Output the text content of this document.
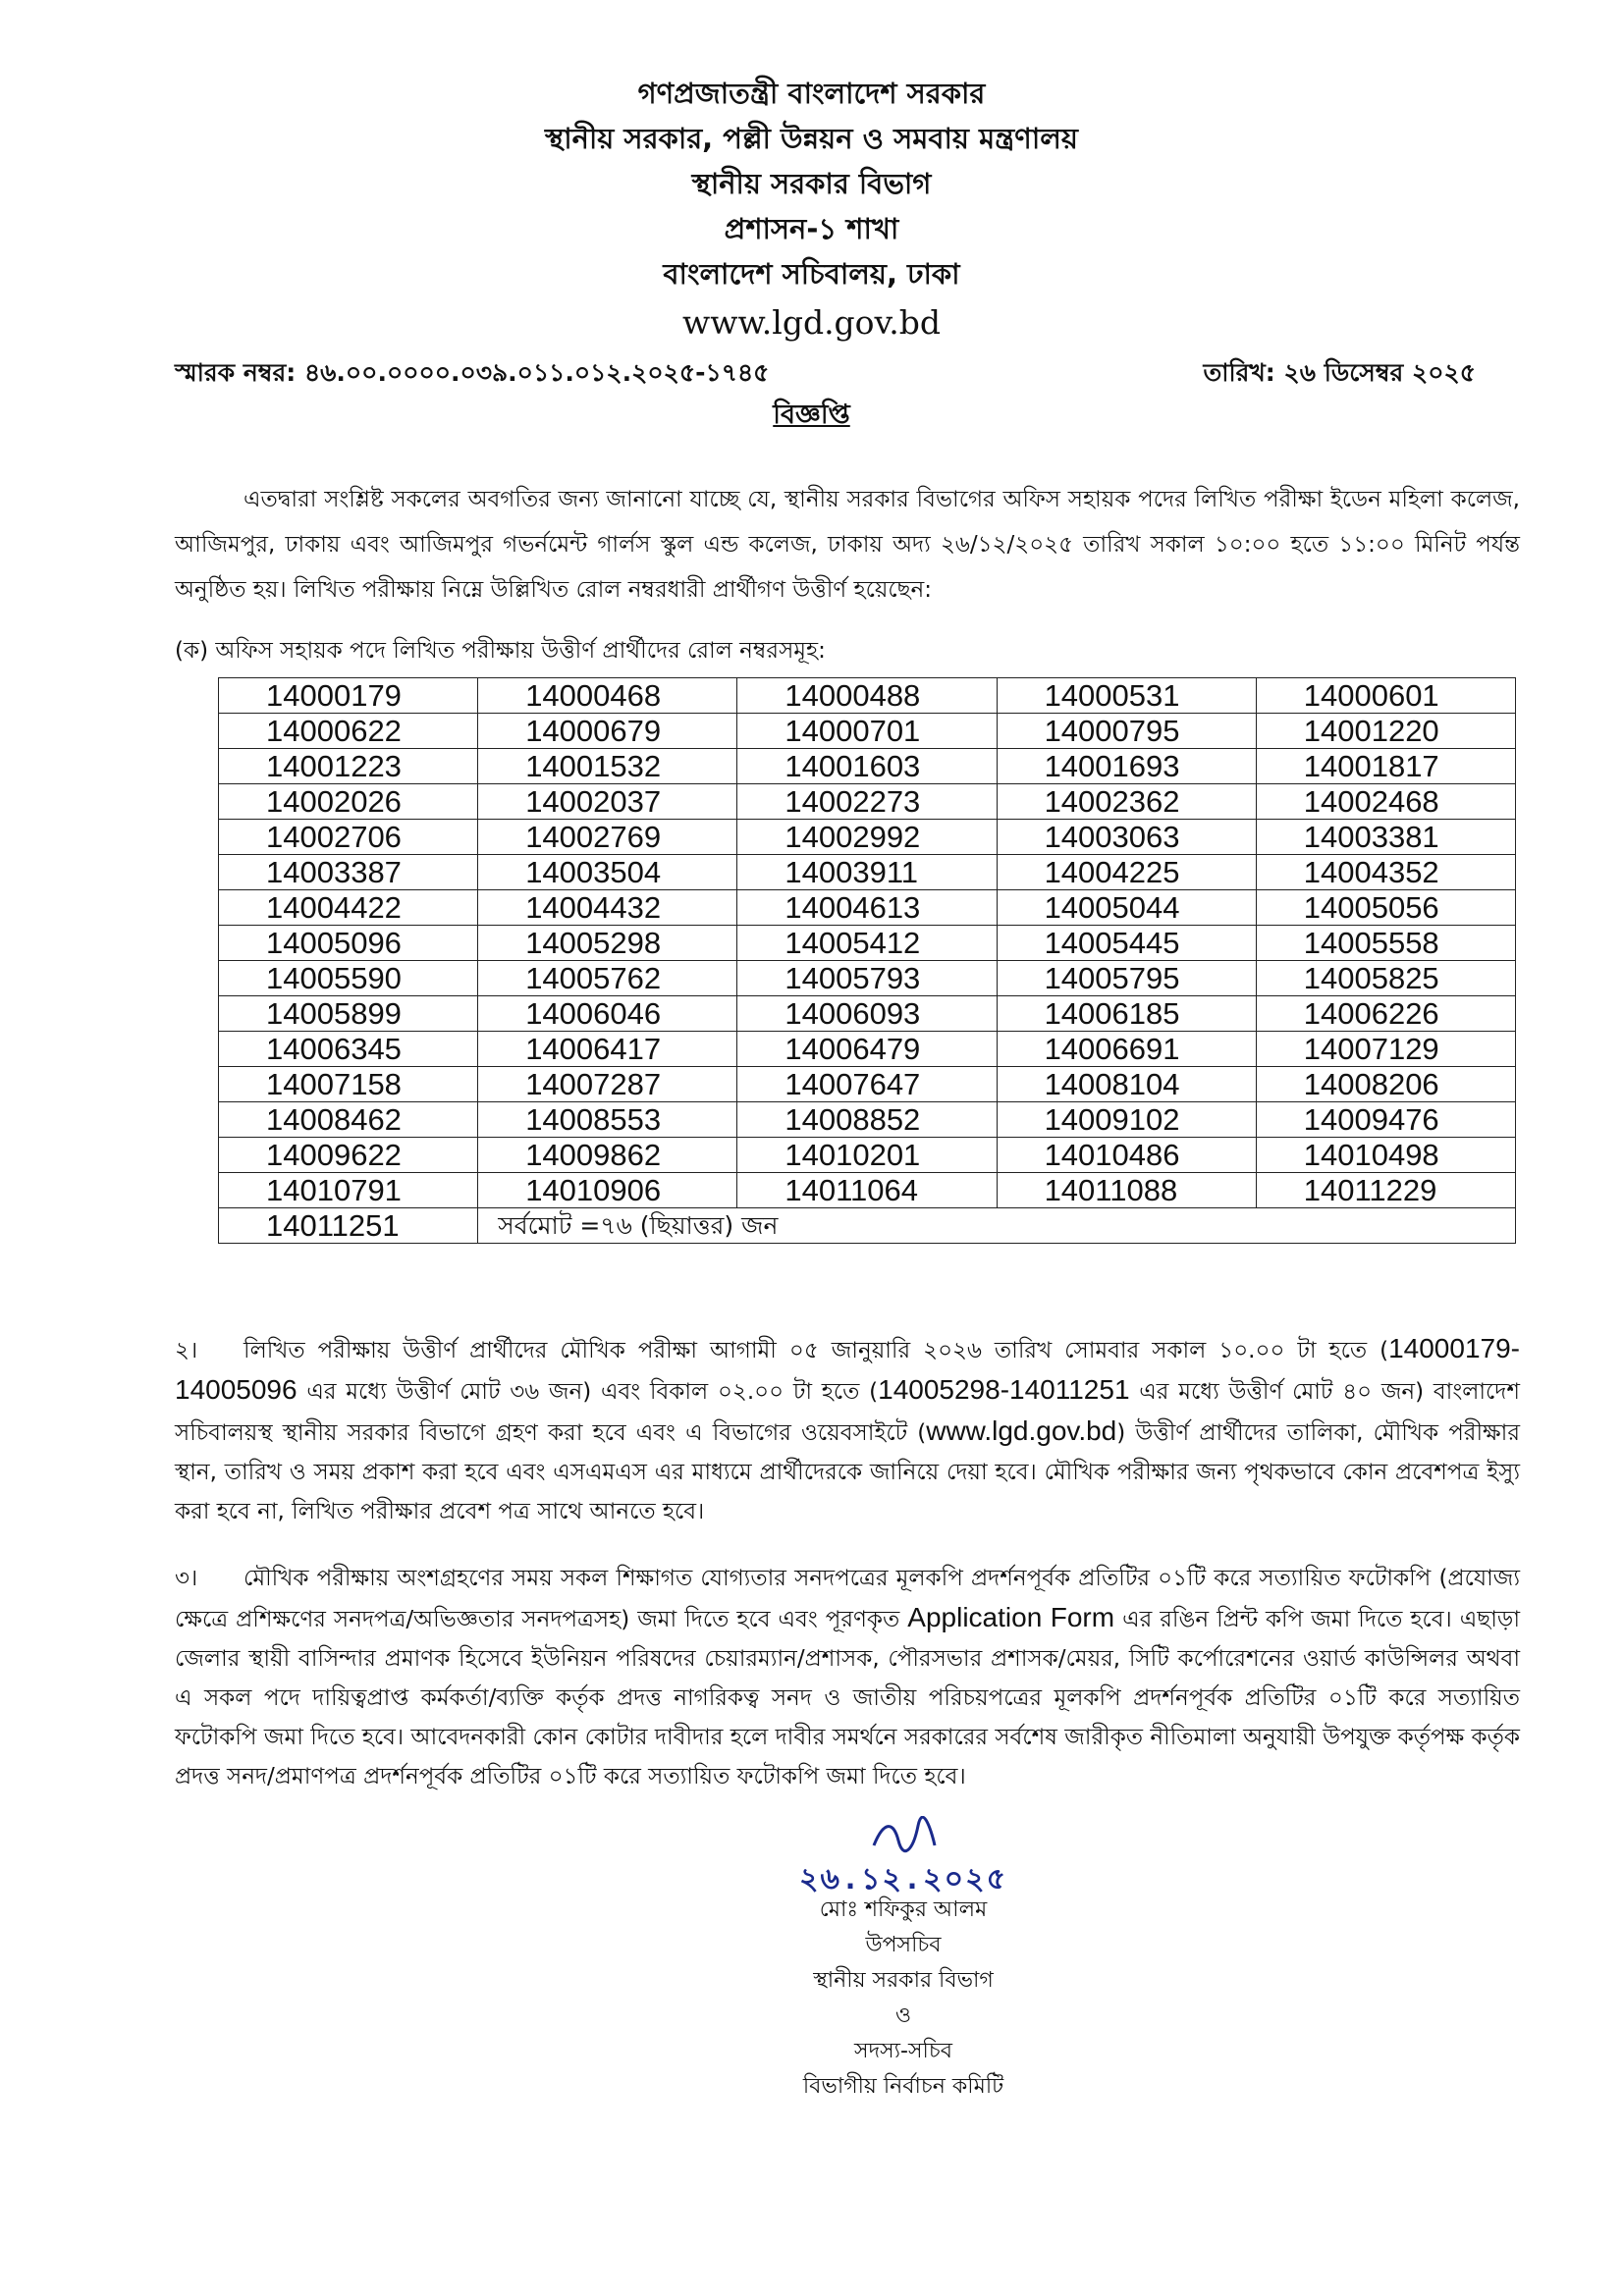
গণপ্রজাতন্ত্রী বাংলাদেশ সরকার
স্থানীয় সরকার, পল্লী উন্নয়ন ও সমবায় মন্ত্রণালয়
স্থানীয় সরকার বিভাগ
প্রশাসন-১ শাখা
বাংলাদেশ সচিবালয়, ঢাকা
www.lgd.gov.bd
স্মারক নম্বর: ৪৬.০০.০০০০.০৩৯.০১১.০১২.২০২৫-১৭৪৫	তারিখ: ২৬ ডিসেম্বর ২০২৫
বিজ্ঞপ্তি
এতদ্বারা সংশ্লিষ্ট সকলের অবগতির জন্য জানানো যাচ্ছে যে, স্থানীয় সরকার বিভাগের অফিস সহায়ক পদের লিখিত পরীক্ষা ইডেন মহিলা কলেজ, আজিমপুর, ঢাকায় এবং আজিমপুর গভর্নমেন্ট গার্লস স্কুল এন্ড কলেজ, ঢাকায় অদ্য ২৬/১২/২০২৫ তারিখ সকাল ১০:০০ হতে ১১:০০ মিনিট পর্যন্ত অনুষ্ঠিত হয়। লিখিত পরীক্ষায় নিম্নে উল্লিখিত রোল নম্বরধারী প্রার্থীগণ উত্তীর্ণ হয়েছেন:
(ক) অফিস সহায়ক পদে লিখিত পরীক্ষায় উত্তীর্ণ প্রার্থীদের রোল নম্বরসমূহ:
14000179	14000468	14000488	14000531	14000601
14000622	14000679	14000701	14000795	14001220
14001223	14001532	14001603	14001693	14001817
14002026	14002037	14002273	14002362	14002468
14002706	14002769	14002992	14003063	14003381
14003387	14003504	14003911	14004225	14004352
14004422	14004432	14004613	14005044	14005056
14005096	14005298	14005412	14005445	14005558
14005590	14005762	14005793	14005795	14005825
14005899	14006046	14006093	14006185	14006226
14006345	14006417	14006479	14006691	14007129
14007158	14007287	14007647	14008104	14008206
14008462	14008553	14008852	14009102	14009476
14009622	14009862	14010201	14010486	14010498
14010791	14010906	14011064	14011088	14011229
14011251	সর্বমোট =৭৬ (ছিয়াত্তর) জন			
২। লিখিত পরীক্ষায় উত্তীর্ণ প্রার্থীদের মৌখিক পরীক্ষা আগামী ০৫ জানুয়ারি ২০২৬ তারিখ সোমবার সকাল ১০.০০ টা হতে (14000179-14005096 এর মধ্যে উত্তীর্ণ মোট ৩৬ জন) এবং বিকাল ০২.০০ টা হতে (14005298-14011251 এর মধ্যে উত্তীর্ণ মোট ৪০ জন) বাংলাদেশ সচিবালয়স্থ স্থানীয় সরকার বিভাগে গ্রহণ করা হবে এবং এ বিভাগের ওয়েবসাইটে (www.lgd.gov.bd) উত্তীর্ণ প্রার্থীদের তালিকা, মৌখিক পরীক্ষার স্থান, তারিখ ও সময় প্রকাশ করা হবে এবং এসএমএস এর মাধ্যমে প্রার্থীদেরকে জানিয়ে দেয়া হবে। মৌখিক পরীক্ষার জন্য পৃথকভাবে কোন প্রবেশপত্র ইস্যু করা হবে না, লিখিত পরীক্ষার প্রবেশ পত্র সাথে আনতে হবে।
৩। মৌখিক পরীক্ষায় অংশগ্রহণের সময় সকল শিক্ষাগত যোগ্যতার সনদপত্রের মূলকপি প্রদর্শনপূর্বক প্রতিটির ০১টি করে সত্যায়িত ফটোকপি (প্রযোজ্য ক্ষেত্রে প্রশিক্ষণের সনদপত্র/অভিজ্ঞতার সনদপত্রসহ) জমা দিতে হবে এবং পূরণকৃত Application Form এর রঙিন প্রিন্ট কপি জমা দিতে হবে। এছাড়া জেলার স্থায়ী বাসিন্দার প্রমাণক হিসেবে ইউনিয়ন পরিষদের চেয়ারম্যান/প্রশাসক, পৌরসভার প্রশাসক/মেয়র, সিটি কর্পোরেশনের ওয়ার্ড কাউন্সিলর অথবা এ সকল পদে দায়িত্বপ্রাপ্ত কর্মকর্তা/ব্যক্তি কর্তৃক প্রদত্ত নাগরিকত্ব সনদ ও জাতীয় পরিচয়পত্রের মূলকপি প্রদর্শনপূর্বক প্রতিটির ০১টি করে সত্যায়িত ফটোকপি জমা দিতে হবে। আবেদনকারী কোন কোটার দাবীদার হলে দাবীর সমর্থনে সরকারের সর্বশেষ জারীকৃত নীতিমালা অনুযায়ী উপযুক্ত কর্তৃপক্ষ কর্তৃক প্রদত্ত সনদ/প্রমাণপত্র প্রদর্শনপূর্বক প্রতিটির ০১টি করে সত্যায়িত ফটোকপি জমা দিতে হবে।
২৬.১২.২০২৫
মোঃ শফিকুর আলম
উপসচিব
স্থানীয় সরকার বিভাগ
ও
সদস্য-সচিব
বিভাগীয় নির্বাচন কমিটি
